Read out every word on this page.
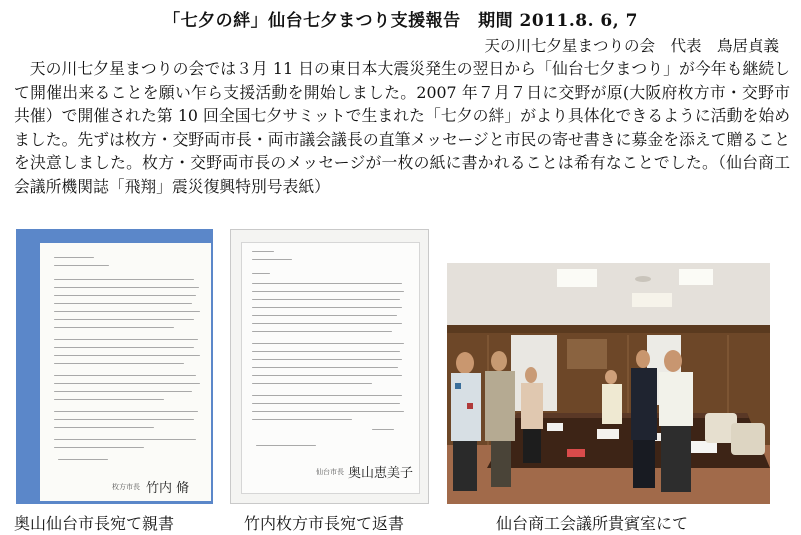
「七夕の絆」仙台七夕まつり支援報告　期間 2011.8. 6, 7
天の川七夕星まつりの会　代表　鳥居貞義
天の川七夕星まつりの会では３月 11 日の東日本大震災発生の翌日から「仙台七夕まつり」が今年も継続して開催出来ることを願い乍ら支援活動を開始しました。2007 年７月７日に交野が原(大阪府枚方市・交野市共催）で開催された第 10 回全国七夕サミットで生まれた「七夕の絆」がより具体化できるように活動を始めました。先ずは枚方・交野両市長・両市議会議長の直筆メッセージと市民の寄せ書きに募金を添えて贈ることを決意しました。枚方・交野両市長のメッセージが一枚の紙に書かれることは希有なことでした。（仙台商工会議所機関誌「飛翔」震災復興特別号表紙）
枚方市長 竹内 脩
仙台市長 奥山恵美子
奥山仙台市長宛て親書	竹内枚方市長宛て返書	仙台商工会議所貴賓室にて
